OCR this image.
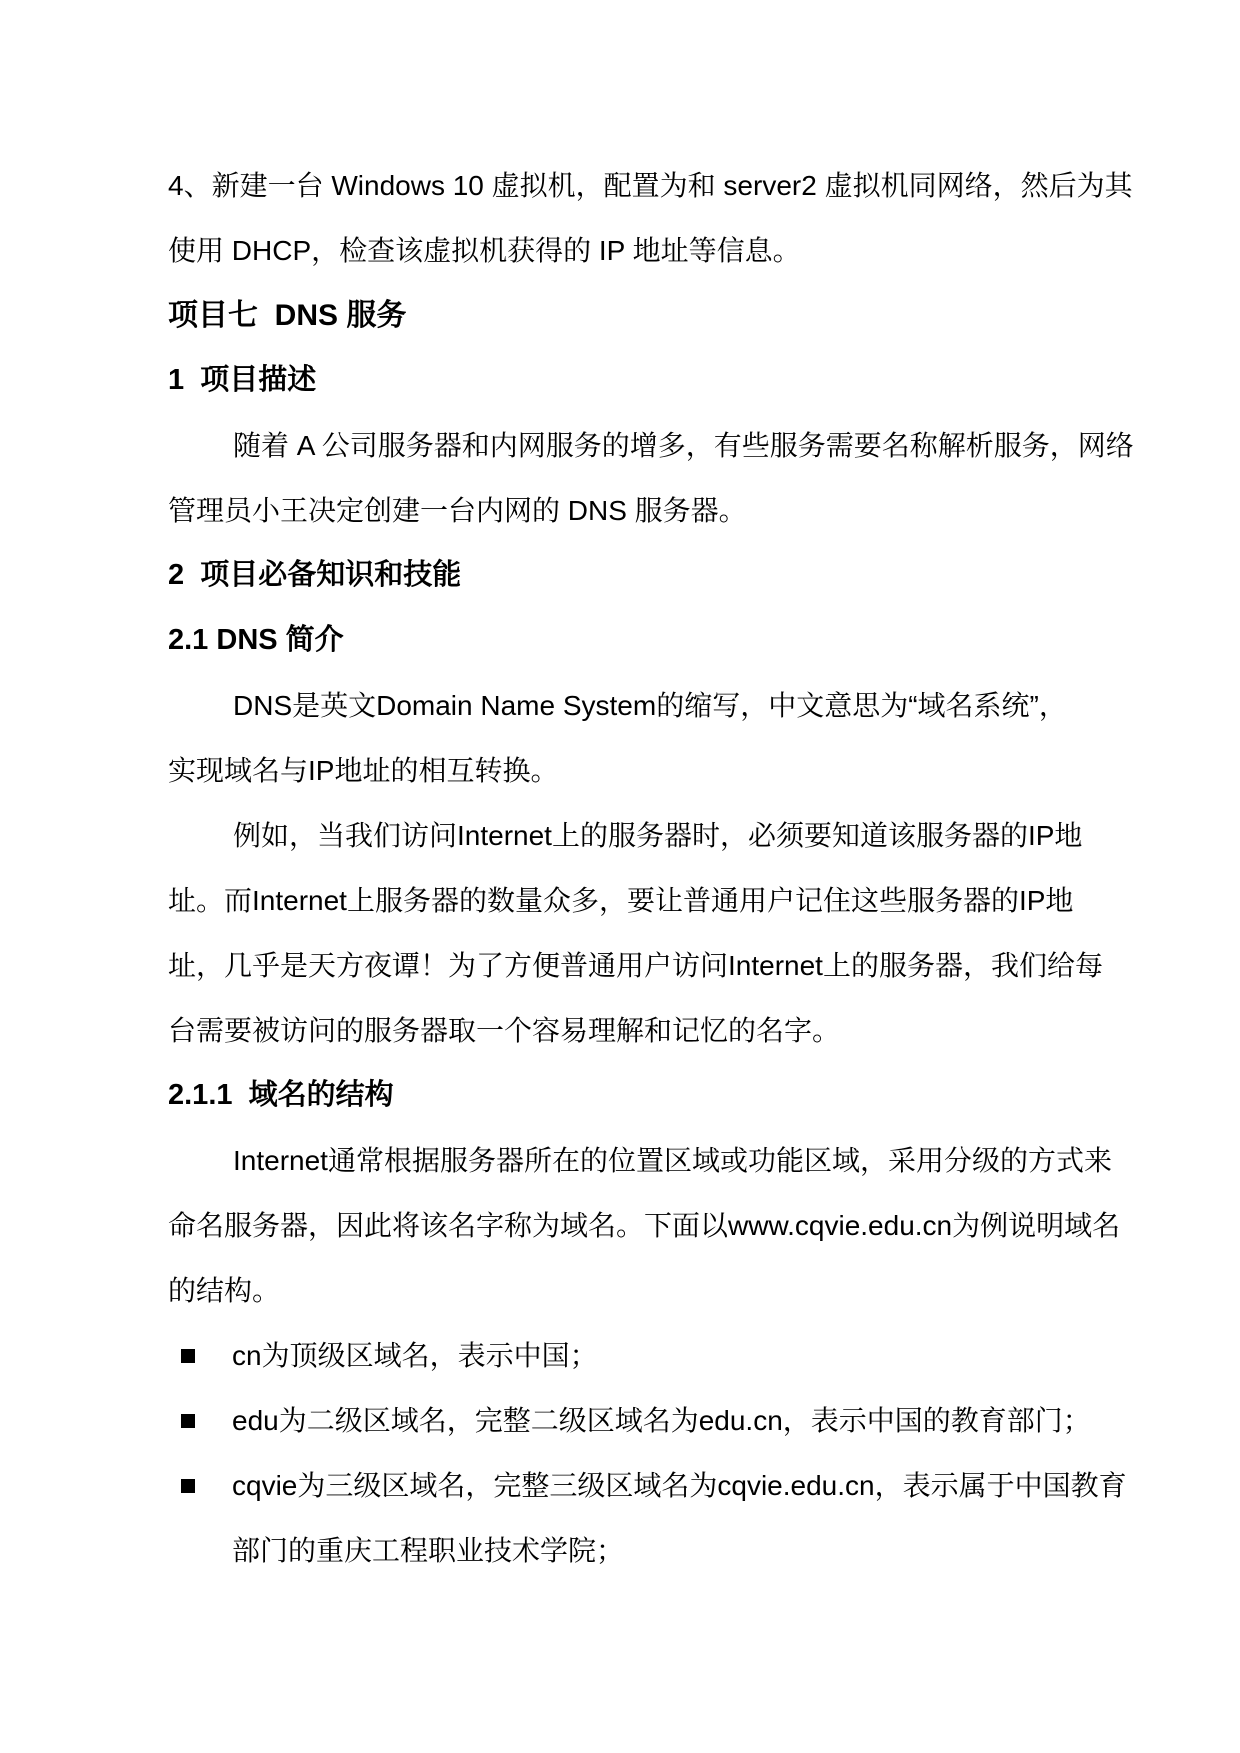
4、新建一台 Windows 10 虚拟机，配置为和 server2 虚拟机同网络，然后为其
使用 DHCP，检查该虚拟机获得的 IP 地址等信息。
项目七  DNS 服务
1  项目描述
随着 A 公司服务器和内网服务的增多，有些服务需要名称解析服务，网络
管理员小王决定创建一台内网的 DNS 服务器。
2  项目必备知识和技能
2.1 DNS 简介
DNS是英文Domain Name System的缩写，中文意思为“域名系统”，
实现域名与IP地址的相互转换。
例如，当我们访问Internet上的服务器时，必须要知道该服务器的IP地
址。而Internet上服务器的数量众多，要让普通用户记住这些服务器的IP地
址，几乎是天方夜谭！为了方便普通用户访问Internet上的服务器，我们给每
台需要被访问的服务器取一个容易理解和记忆的名字。
2.1.1  域名的结构
Internet通常根据服务器所在的位置区域或功能区域，采用分级的方式来
命名服务器，因此将该名字称为域名。下面以www.cqvie.edu.cn为例说明域名
的结构。
cn为顶级区域名，表示中国；
edu为二级区域名，完整二级区域名为edu.cn，表示中国的教育部门；
cqvie为三级区域名，完整三级区域名为cqvie.edu.cn，表示属于中国教育
部门的重庆工程职业技术学院；
